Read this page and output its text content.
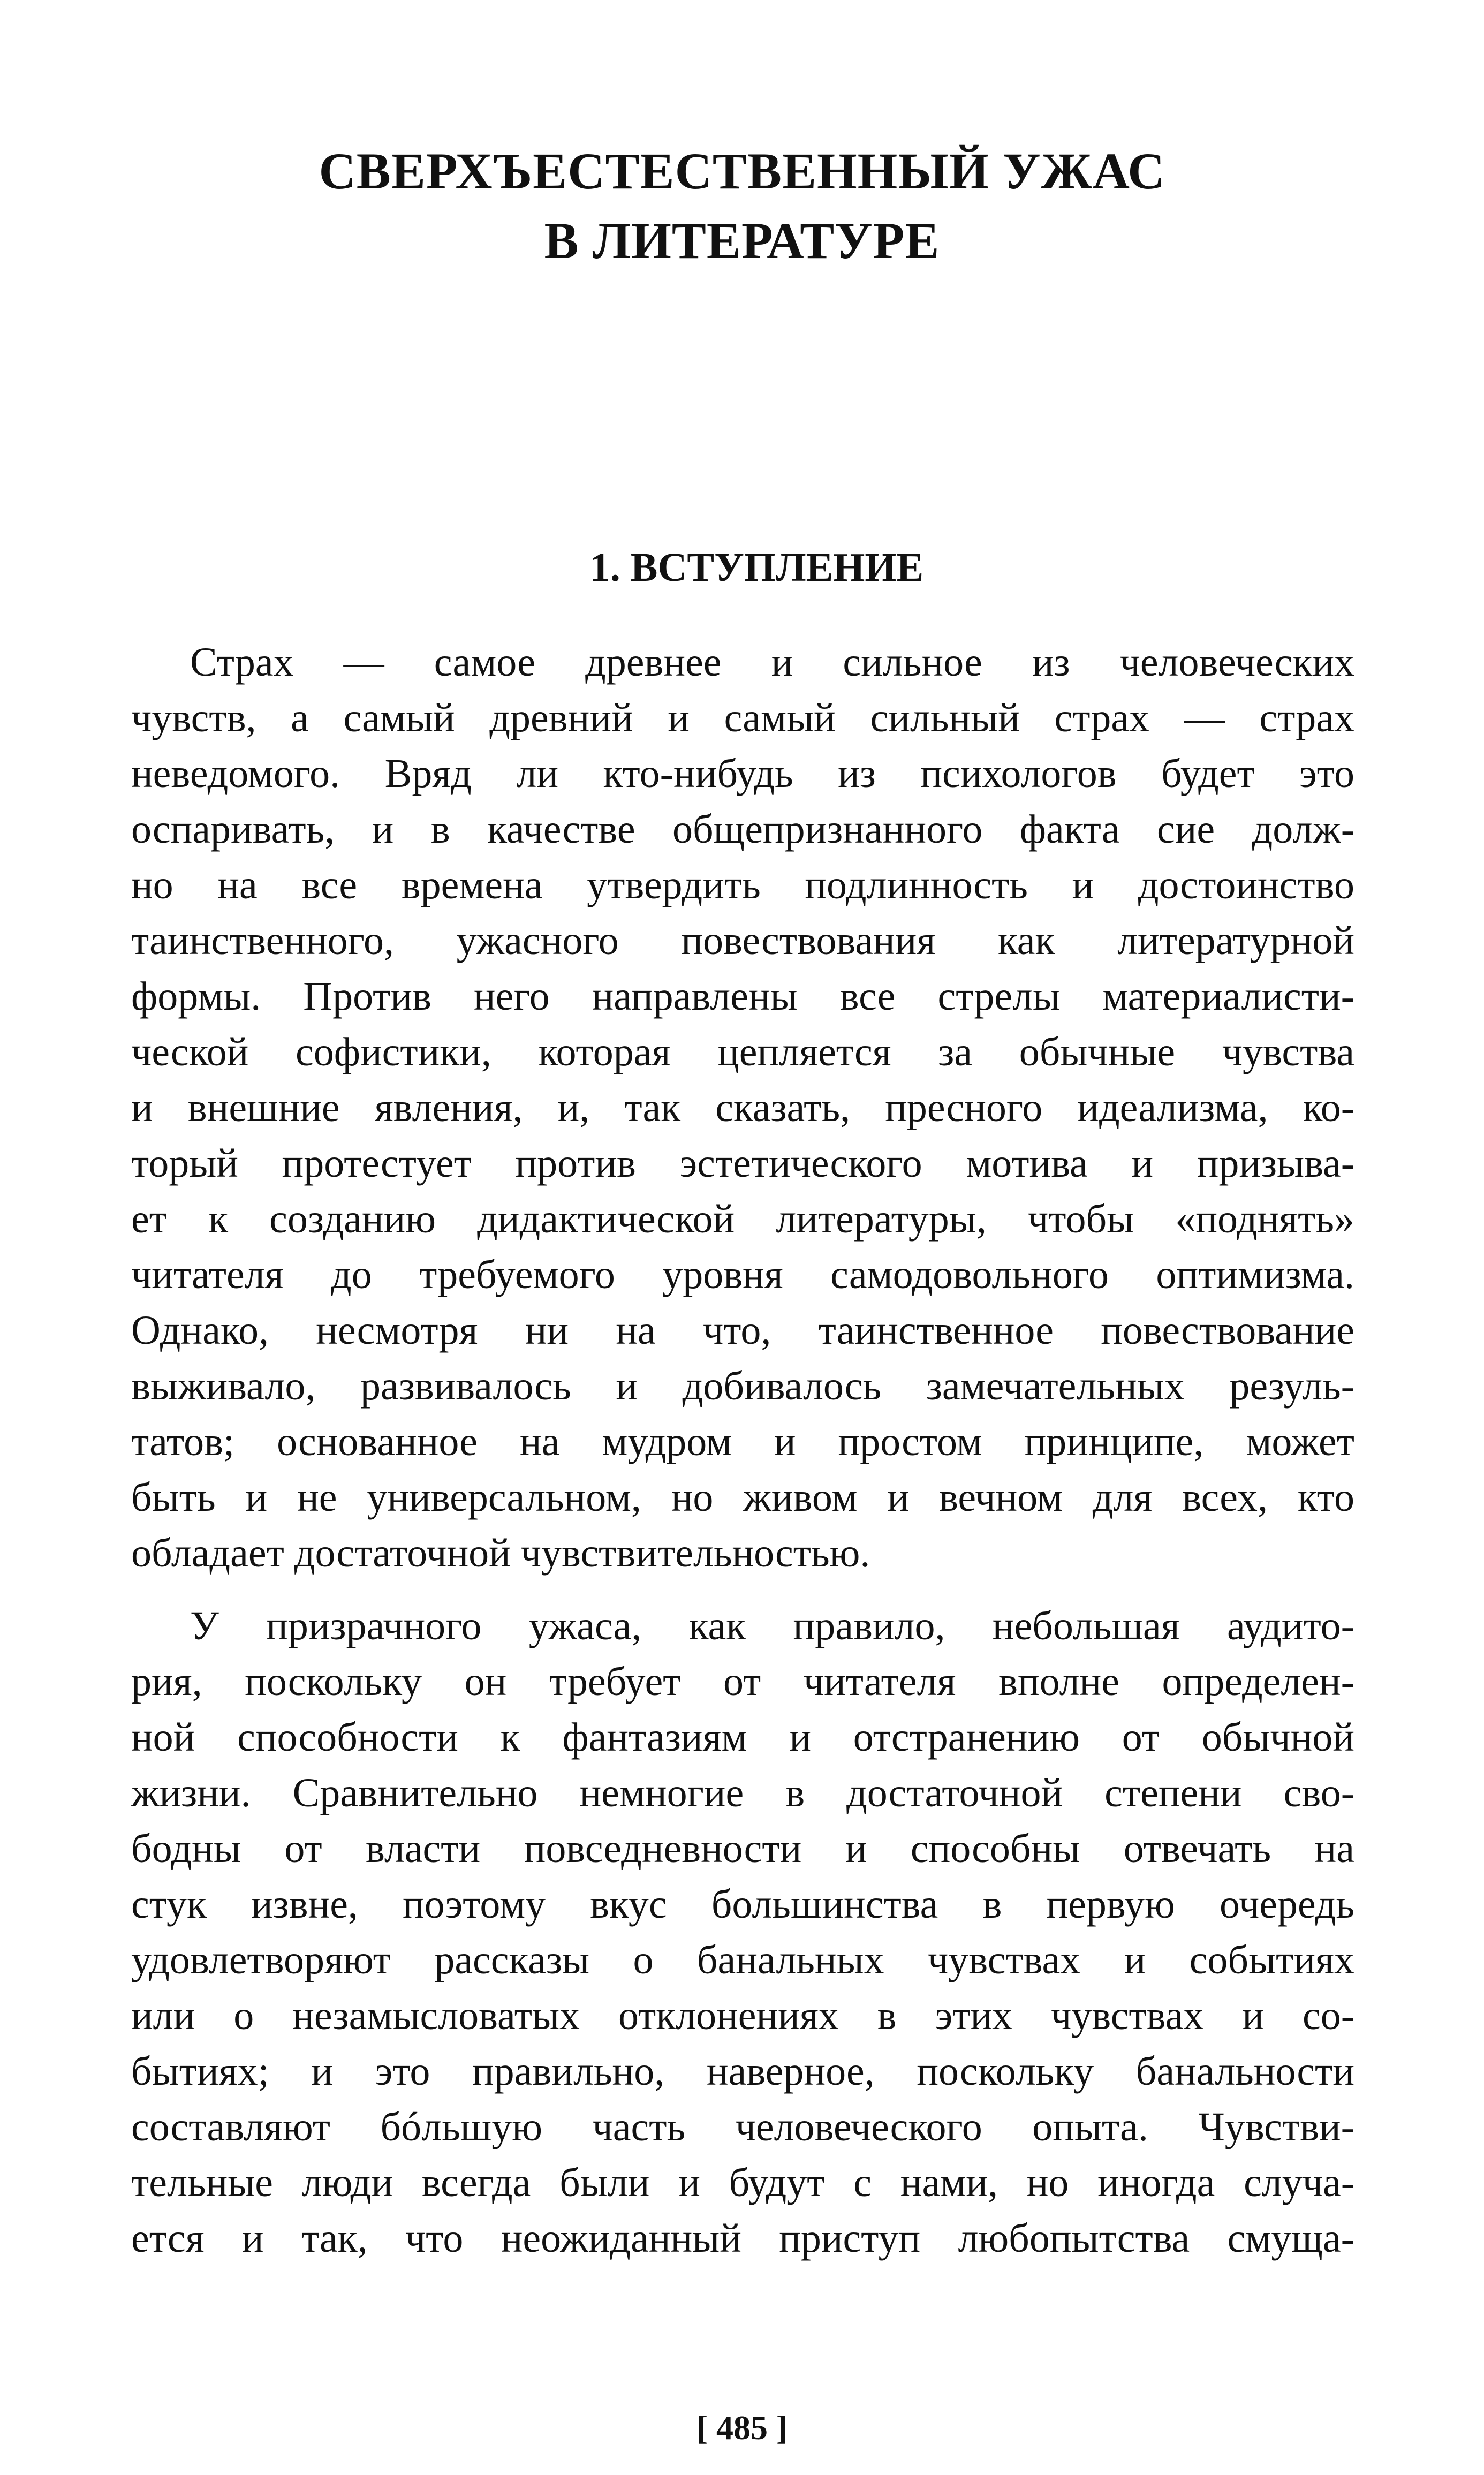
СВЕРХЪЕСТЕСТВЕННЫЙ УЖАС
В ЛИТЕРАТУРЕ
1. ВСТУПЛЕНИЕ
Страх — самое древнее и сильное из человеческих
чувств, а самый древний и самый сильный страх — страх
неведомого. Вряд ли кто-нибудь из психологов будет это
оспаривать, и в качестве общепризнанного факта сие долж-
но на все времена утвердить подлинность и достоинство
таинственного, ужасного повествования как литературной
формы. Против него направлены все стрелы материалисти-
ческой софистики, которая цепляется за обычные чувства
и внешние явления, и, так сказать, пресного идеализма, ко-
торый протестует против эстетического мотива и призыва-
ет к созданию дидактической литературы, чтобы «поднять»
читателя до требуемого уровня самодовольного оптимизма.
Однако, несмотря ни на что, таинственное повествование
выживало, развивалось и добивалось замечательных резуль-
татов; основанное на мудром и простом принципе, может
быть и не универсальном, но живом и вечном для всех, кто
обладает достаточной чувствительностью.
У призрачного ужаса, как правило, небольшая аудито-
рия, поскольку он требует от читателя вполне определен-
ной способности к фантазиям и отстранению от обычной
жизни. Сравнительно немногие в достаточной степени сво-
бодны от власти повседневности и способны отвечать на
стук извне, поэтому вкус большинства в первую очередь
удовлетворяют рассказы о банальных чувствах и событиях
или о незамысловатых отклонениях в этих чувствах и со-
бытиях; и это правильно, наверное, поскольку банальности
составляют бóльшую часть человеческого опыта. Чувстви-
тельные люди всегда были и будут с нами, но иногда случа-
ется и так, что неожиданный приступ любопытства смуща-
[ 485 ]
